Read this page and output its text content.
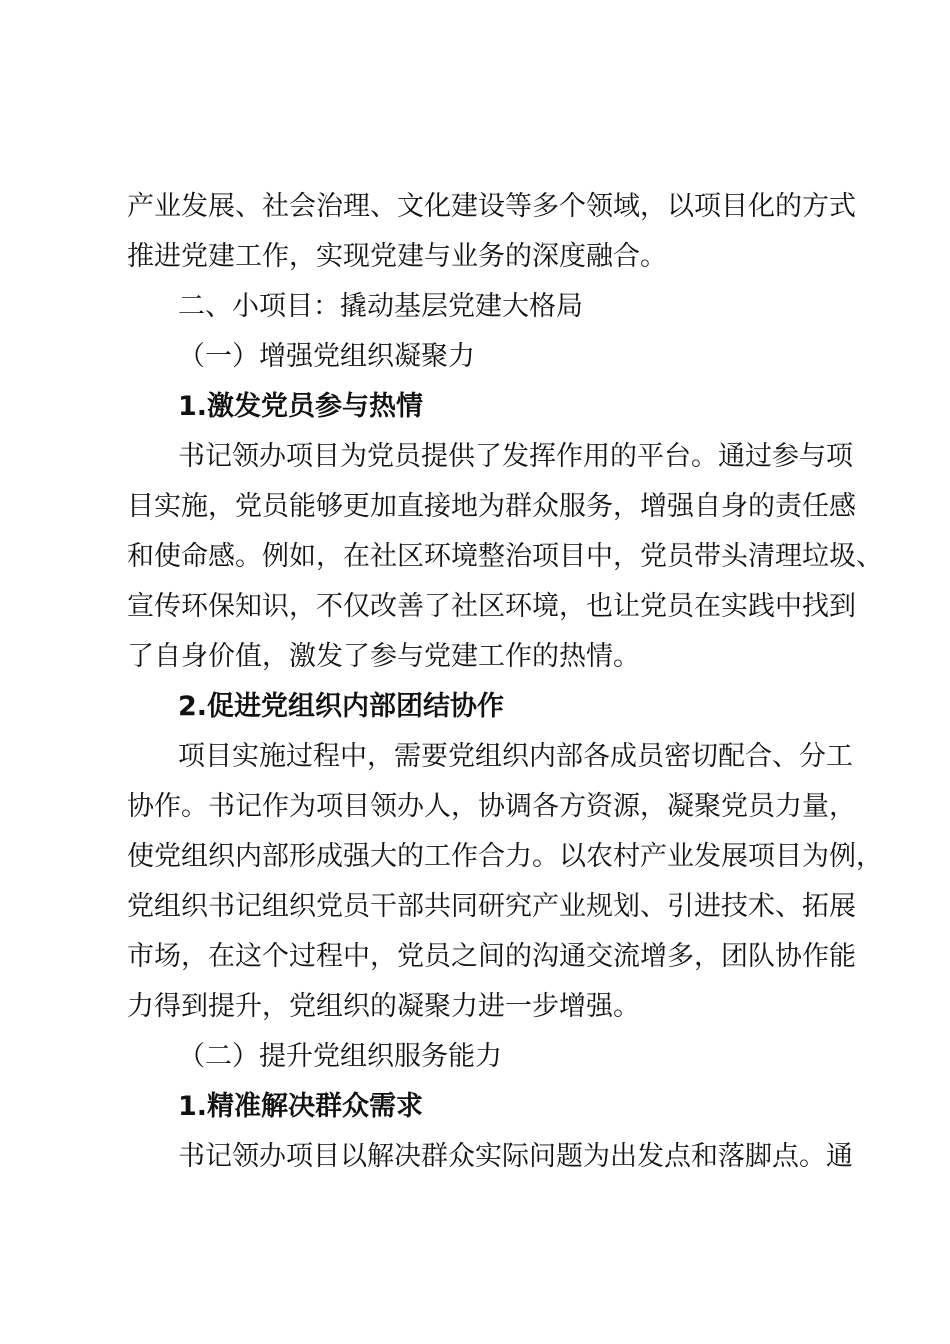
产业发展、社会治理、文化建设等多个领域，以项目化的方式
推进党建工作，实现党建与业务的深度融合。
二、小项目：撬动基层党建大格局
（一）增强党组织凝聚力
1.激发党员参与热情
书记领办项目为党员提供了发挥作用的平台。通过参与项
目实施，党员能够更加直接地为群众服务，增强自身的责任感
和使命感。例如，在社区环境整治项目中，党员带头清理垃圾、
宣传环保知识，不仅改善了社区环境，也让党员在实践中找到
了自身价值，激发了参与党建工作的热情。
2.促进党组织内部团结协作
项目实施过程中，需要党组织内部各成员密切配合、分工
协作。书记作为项目领办人，协调各方资源，凝聚党员力量，
使党组织内部形成强大的工作合力。以农村产业发展项目为例，
党组织书记组织党员干部共同研究产业规划、引进技术、拓展
市场，在这个过程中，党员之间的沟通交流增多，团队协作能
力得到提升，党组织的凝聚力进一步增强。
（二）提升党组织服务能力
1.精准解决群众需求
书记领办项目以解决群众实际问题为出发点和落脚点。通
